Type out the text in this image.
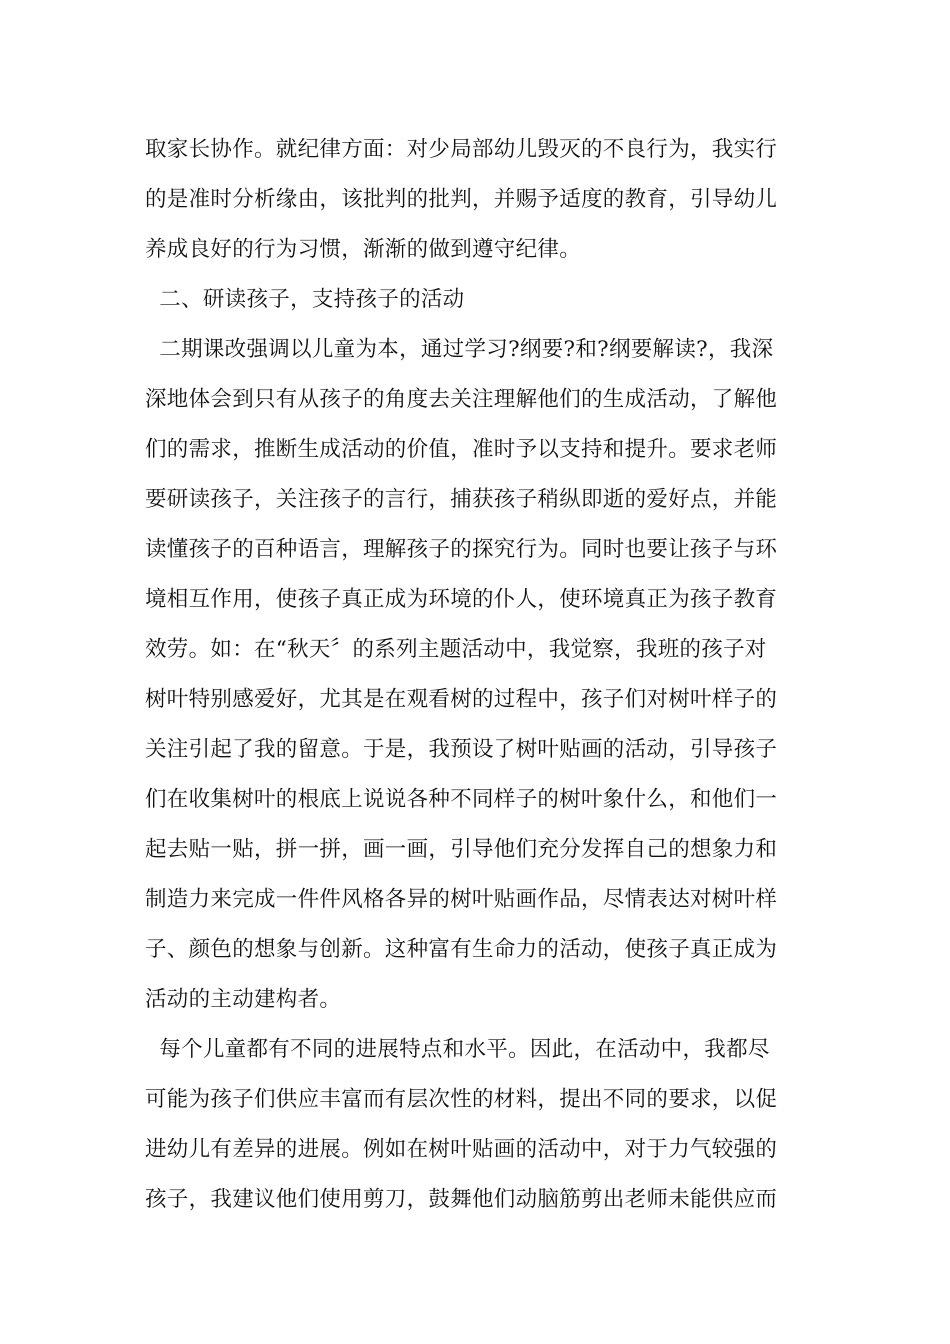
取家长协作。就纪律方面：对少局部幼儿毁灭的不良行为，我实行
的是准时分析缘由，该批判的批判，并赐予适度的教育，引导幼儿
养成良好的行为习惯，渐渐的做到遵守纪律。
二、研读孩子，支持孩子的活动
二期课改强调以儿童为本，通过学习?纲要?和?纲要解读?，我深
深地体会到只有从孩子的角度去关注理解他们的生成活动，了解他
们的需求，推断生成活动的价值，准时予以支持和提升。要求老师
要研读孩子，关注孩子的言行，捕获孩子稍纵即逝的爱好点，并能
读懂孩子的百种语言，理解孩子的探究行为。同时也要让孩子与环
境相互作用，使孩子真正成为环境的仆人，使环境真正为孩子教育
效劳。如：在“秋天〞的系列主题活动中，我觉察，我班的孩子对
树叶特别感爱好，尤其是在观看树的过程中，孩子们对树叶样子的
关注引起了我的留意。于是，我预设了树叶贴画的活动，引导孩子
们在收集树叶的根底上说说各种不同样子的树叶象什么，和他们一
起去贴一贴，拼一拼，画一画，引导他们充分发挥自己的想象力和
制造力来完成一件件风格各异的树叶贴画作品，尽情表达对树叶样
子、颜色的想象与创新。这种富有生命力的活动，使孩子真正成为
活动的主动建构者。
每个儿童都有不同的进展特点和水平。因此，在活动中，我都尽
可能为孩子们供应丰富而有层次性的材料，提出不同的要求，以促
进幼儿有差异的进展。例如在树叶贴画的活动中，对于力气较强的
孩子，我建议他们使用剪刀，鼓舞他们动脑筋剪出老师未能供应而
